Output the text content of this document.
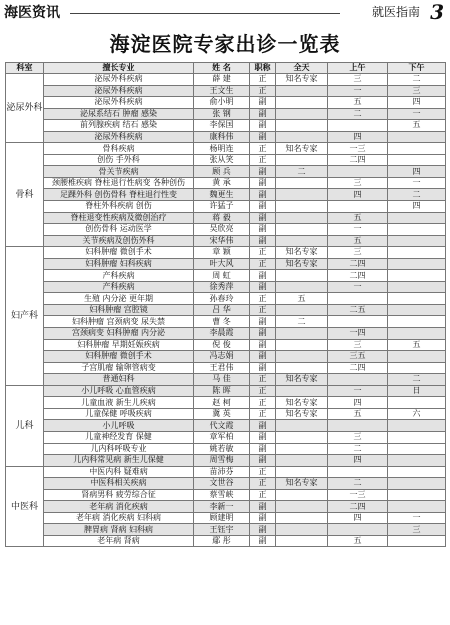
海医资讯	就医指南 3
海淀医院专家出诊一览表
科室	擅长专业	姓 名	职称	全天	上午	下午
泌尿外科	泌尿外科疾病	薛 建	正	知名专家	三	二
	泌尿外科疾病	王文生	正		一	三
	泌尿外科疾病	俞小明	副		五	四
	泌尿系结石 肿瘤 感染	张 钢	副		二	一
	前列腺疾病 结石 感染	李保国	副			五
	泌尿外科疾病	康科伟	副		四	
骨科	骨科疾病	杨明连	正	知名专家	一三	
	创伤 手外科	张从笑	正		二四	
	骨关节疾病	顾 兵	副	二		四
	颈腰椎疾病 脊柱退行性病变 各种创伤	黄 承	副		三	一
	足踝外科 创伤骨科 脊柱退行性变	魏更生	副		四	二
	脊柱外科疾病 创伤	许猛子	副			四
	脊柱退变性疾病及微创治疗	蒋 毅	副		五	
	创伤骨科 运动医学	吴欣亮	副		一	
	关节疾病及创伤外科	宋华伟	副		五	
妇产科	妇科肿瘤 微创手术	章 颖	正	知名专家	三	
	妇科肿瘤 妇科疾病	叶大风	正	知名专家	二四	
	产科疾病	周 虹	副		二四	
	产科疾病	徐秀萍	副		一	
	生殖 内分泌 更年期	孙春玲	正	五		
	妇科肿瘤 宫腔镜	吕 华	正		二五	
	妇科肿瘤 宫颈病变 尿失禁	曹 冬	副	二		
	宫颈病变 妇科肿瘤 内分泌	李晨霞	副		一四	
	妇科肿瘤 早期妊娠疾病	倪 俊	副		三	五
	妇科肿瘤 微创手术	冯志娟	副		三五	
	子宫肌瘤 输卵管病变	王君伟	副		二四	
	普通妇科	马 佳	正	知名专家		二
儿科	小儿呼吸 心血管疾病	陈 晖	正		一	日
	儿童血液 新生儿疾病	赵 柯	正	知名专家	四	
	儿童保健 呼吸疾病	冀 英	正	知名专家	五	六
	小儿呼吸	代文霞	副			
	儿童神经发育 保健	章军柏	副		三	
	儿内科呼吸专业	姚若敏	副		二	
	儿内科常见病 新生儿保健	周雪梅	副		四	
中医科	中医内科 疑难病	苗沛芬	正			
	中医科相关疾病	文世谷	正	知名专家	二	
	肾病男科 疲劳综合征	蔡雪峡	正		一三	
	老年病 消化疾病	李新一	副		二四	
	老年病 消化疾病 妇科病	顾建明	副		四	一
	脾胃病 肾病 妇科病	王钰宇	副			三
	老年病 肾病	鄢 彤	副		五	
